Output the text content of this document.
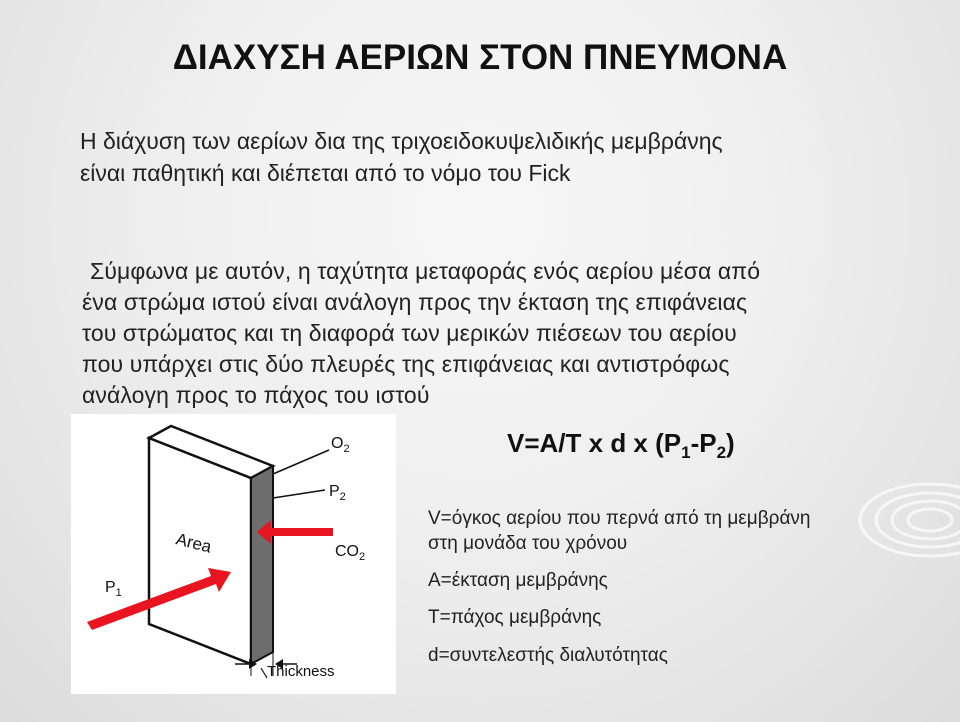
ΔΙΑΧΥΣΗ ΑΕΡΙΩΝ ΣΤΟΝ ΠΝΕΥΜΟΝΑ
Η διάχυση των αερίων δια της τριχοειδοκυψελιδικής μεμβράνης
είναι παθητική και διέπεται από το νόμο του Fick
Σύμφωνα με αυτόν, η ταχύτητα μεταφοράς ενός αερίου μέσα από
ένα στρώμα ιστού είναι ανάλογη προς την έκταση της επιφάνειας
του στρώματος και τη διαφορά των μερικών πιέσεων του αερίου
που υπάρχει στις δύο πλευρές της επιφάνειας και αντιστρόφως
ανάλογη προς το πάχος του ιστού
$O_2$
$P_2$
$CO_2$
Area
$P_1$
Thickness
V=A/T x d x $(P_1-P_2)$
V=όγκος αερίου που περνά από τη μεμβράνη
στη μονάδα του χρόνου
A=έκταση μεμβράνης
T=πάχος μεμβράνης
d=συντελεστής διαλυτότητας
